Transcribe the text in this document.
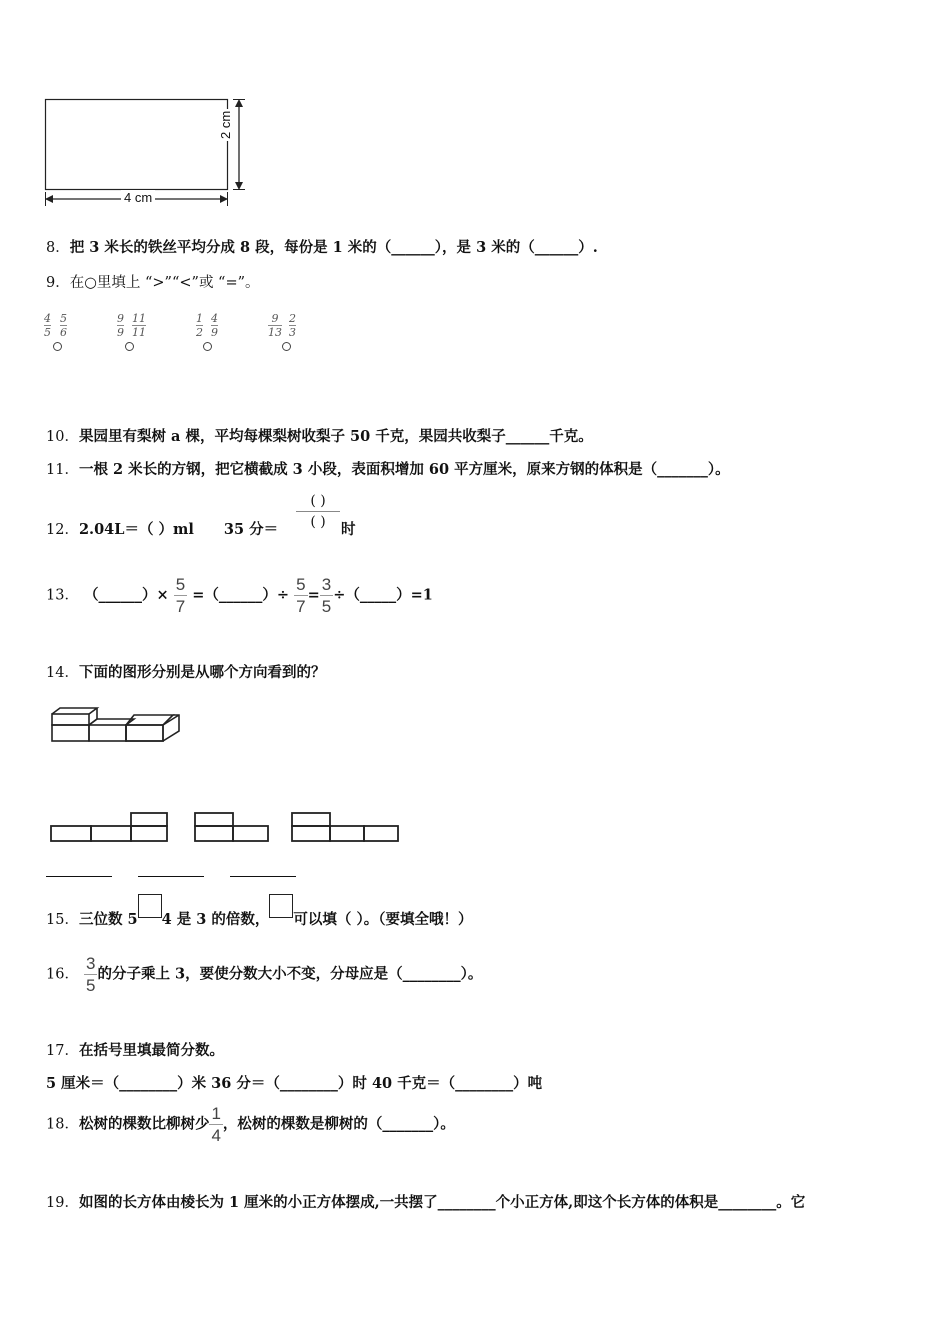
4 cm
2 cm
8．把 3 米长的铁丝平均分成 8 段，每份是 1 米的（______），是 3 米的（______）.
9．在○里填上 “>”“<”或 “=”。
4
5
5
6
9
9
11
11
1
2
4
9
9
13
2
3
10．果园里有梨树 a 棵，平均每棵梨树收梨子 50 千克，果园共收梨子______千克。
11．一根 2 米长的方钢，把它横截成 3 小段，表面积增加 60 平方厘米，原来方钢的体积是（_______）。
12．2.04L＝（ ）ml 35 分＝
( )
( )	时
13． （______）× $\frac{5}{7}$ =（______）÷ $\frac{5}{7} = \frac{3}{5}$ ÷（_____）=1
14．下面的图形分别是从哪个方向看到的？
15．三位数 5 4 是 3 的倍数， 可以填（ ）。（要填全哦！）
16． $\frac{3}{5}$ 的分子乘上 3，要使分数大小不变，分母应是（________）。
17．在括号里填最简分数。
5 厘米＝（________）米 36 分＝（________）时 40 千克＝（________）吨
18．松树的棵数比柳树少 $\frac{1}{4}$ ，松树的棵数是柳树的（_______）。
19．如图的长方体由棱长为 1 厘米的小正方体摆成,一共摆了________个小正方体,即这个长方体的体积是________。它
